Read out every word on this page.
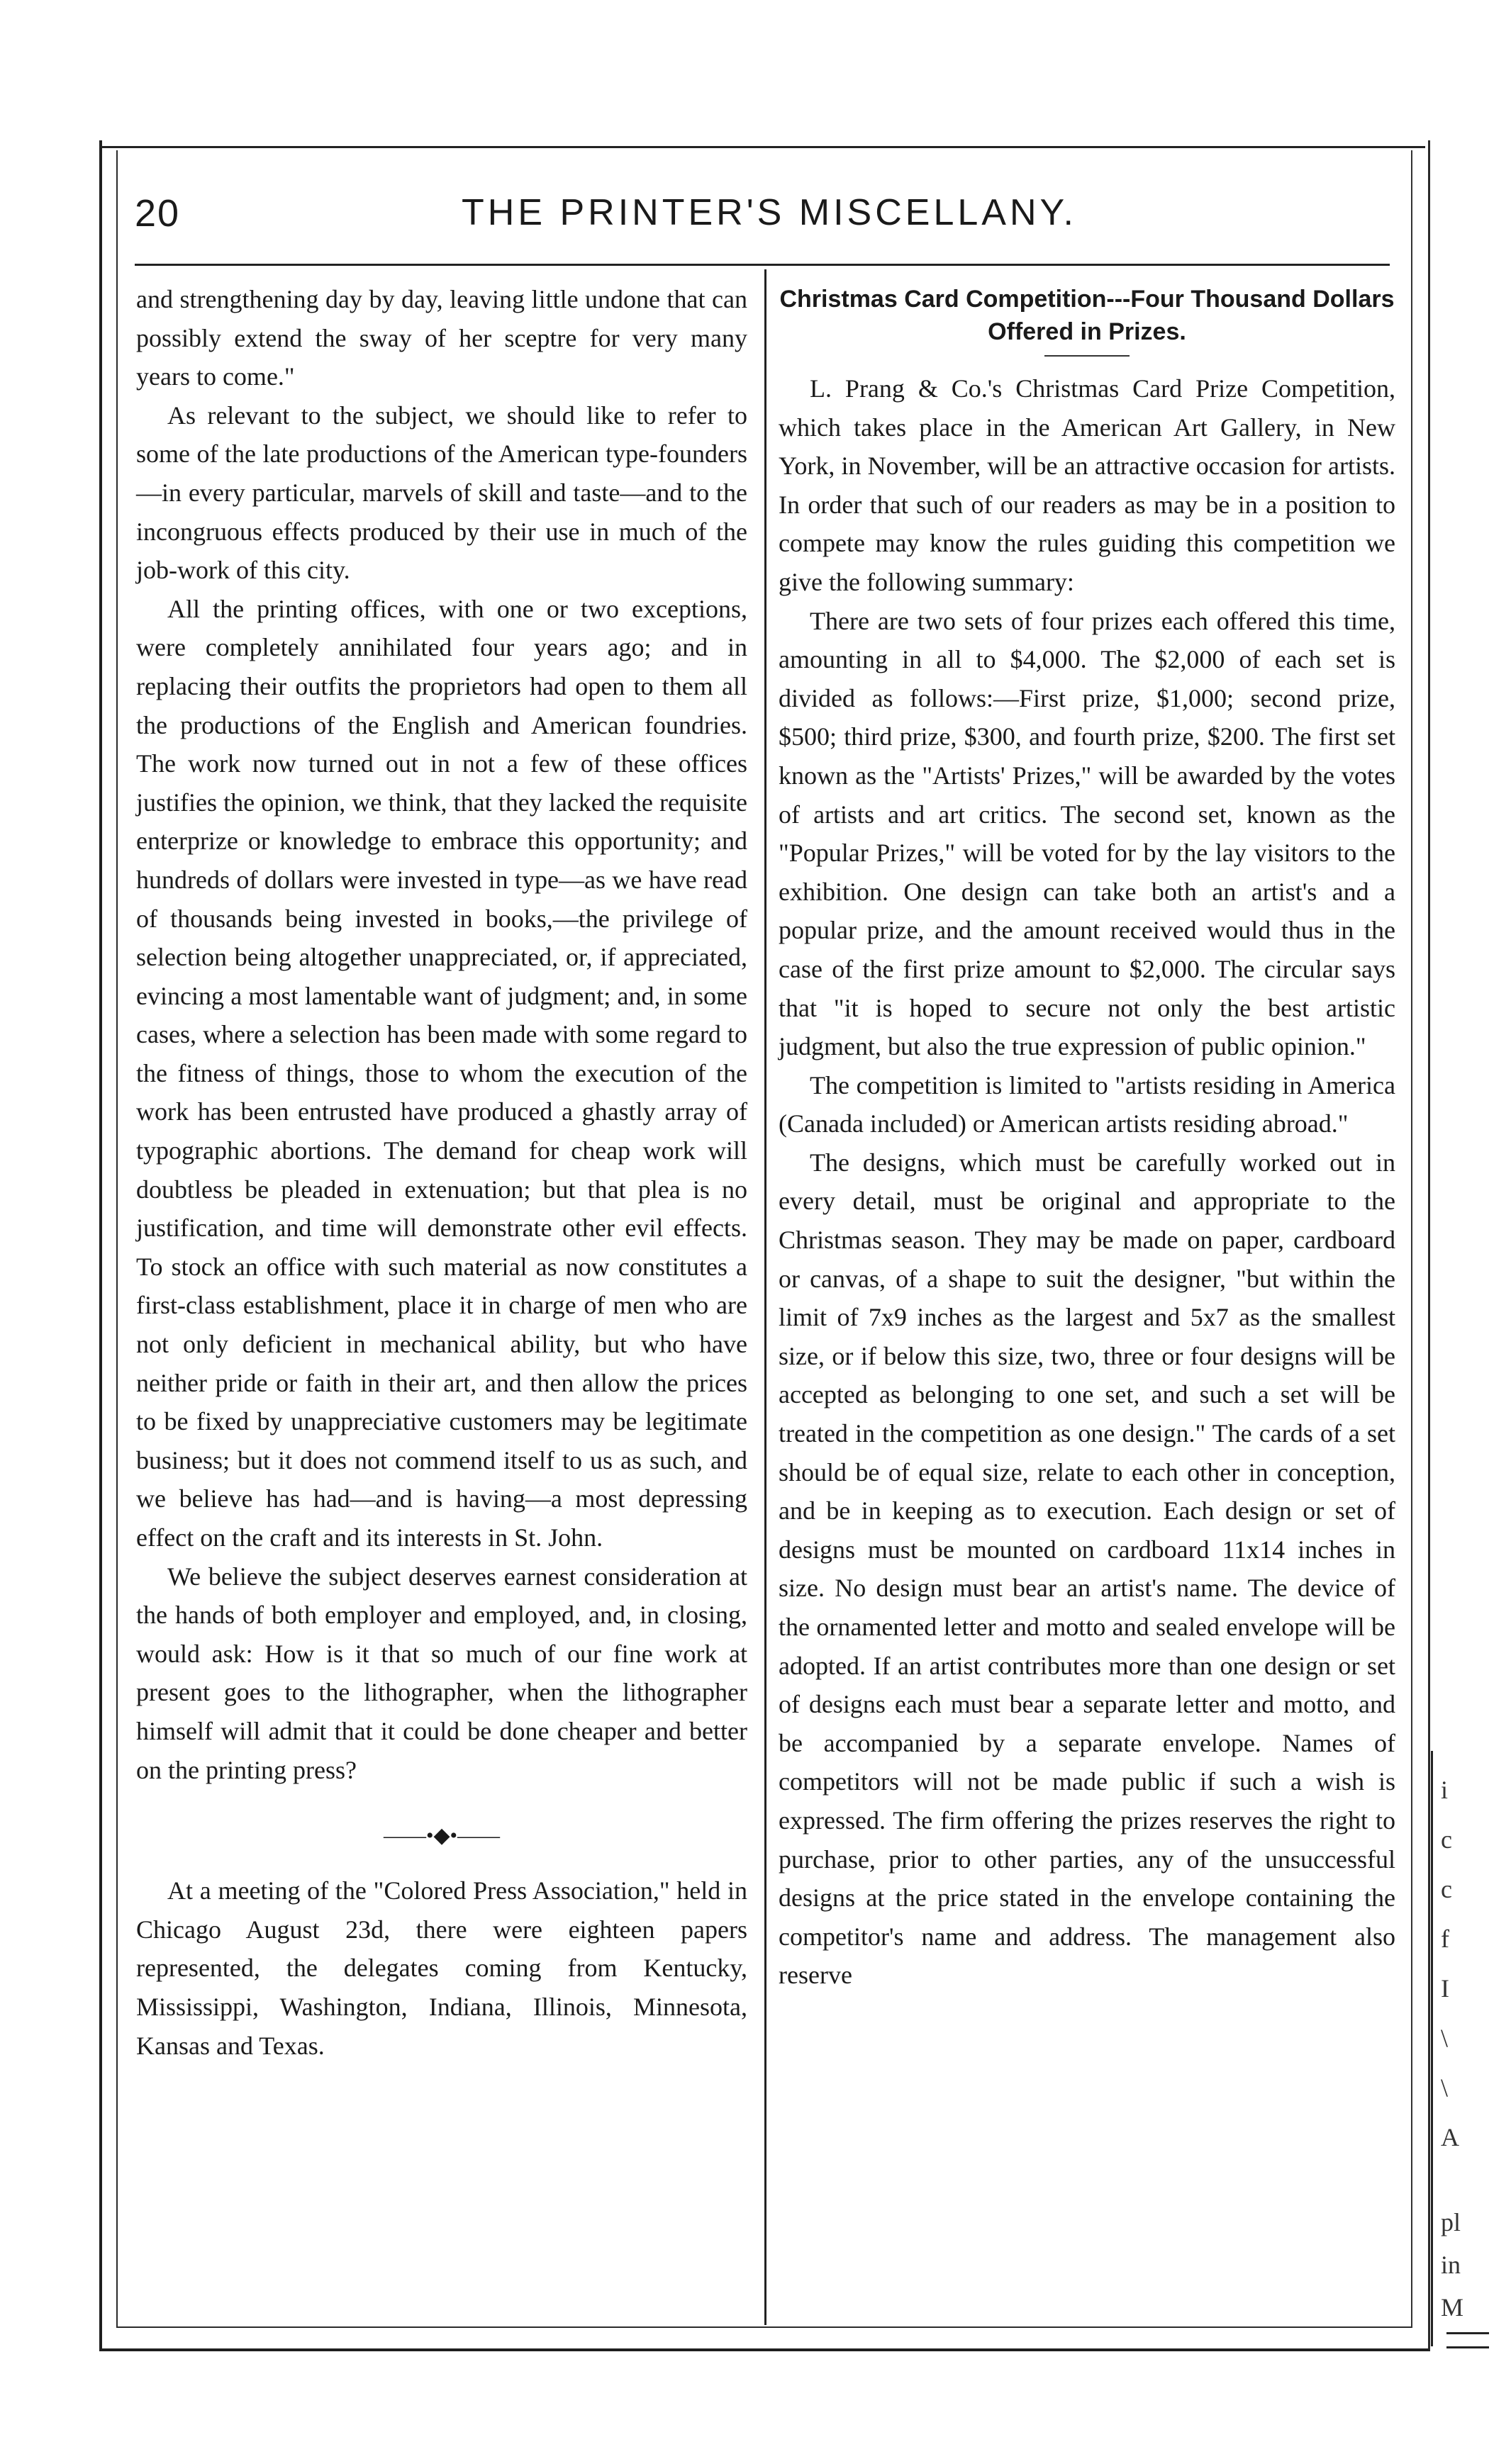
20	THE PRINTER'S MISCELLANY.

and strengthening day by day, leaving little undone that can possibly extend the sway of her sceptre for very many years to come."

As relevant to the subject, we should like to refer to some of the late productions of the American type-founders—in every particular, marvels of skill and taste—and to the incongruous effects produced by their use in much of the job-work of this city.

All the printing offices, with one or two exceptions, were completely annihilated four years ago; and in replacing their outfits the proprietors had open to them all the productions of the English and American foundries. The work now turned out in not a few of these offices justifies the opinion, we think, that they lacked the requisite enterprize or knowledge to embrace this opportunity; and hundreds of dollars were invested in type—as we have read of thousands being invested in books,—the privilege of selection being altogether unappreciated, or, if appreciated, evincing a most lamentable want of judgment; and, in some cases, where a selection has been made with some regard to the fitness of things, those to whom the execution of the work has been entrusted have produced a ghastly array of typographic abortions. The demand for cheap work will doubtless be pleaded in extenuation; but that plea is no justification, and time will demonstrate other evil effects. To stock an office with such material as now constitutes a first-class establishment, place it in charge of men who are not only deficient in mechanical ability, but who have neither pride or faith in their art, and then allow the prices to be fixed by unappreciative customers may be legitimate business; but it does not commend itself to us as such, and we believe has had—and is having—a most depressing effect on the craft and its interests in St. John.

We believe the subject deserves earnest consideration at the hands of both employer and employed, and, in closing, would ask: How is it that so much of our fine work at present goes to the lithographer, when the lithographer himself will admit that it could be done cheaper and better on the printing press?

——•◆•——

At a meeting of the "Colored Press Association," held in Chicago August 23d, there were eighteen papers represented, the delegates coming from Kentucky, Mississippi, Washington, Indiana, Illinois, Minnesota, Kansas and Texas.

Christmas Card Competition---Four Thousand Dollars Offered in Prizes.

L. Prang & Co.'s Christmas Card Prize Competition, which takes place in the American Art Gallery, in New York, in November, will be an attractive occasion for artists. In order that such of our readers as may be in a position to compete may know the rules guiding this competition we give the following summary:

There are two sets of four prizes each offered this time, amounting in all to $4,000. The $2,000 of each set is divided as follows:—First prize, $1,000; second prize, $500; third prize, $300, and fourth prize, $200. The first set known as the "Artists' Prizes," will be awarded by the votes of artists and art critics. The second set, known as the "Popular Prizes," will be voted for by the lay visitors to the exhibition. One design can take both an artist's and a popular prize, and the amount received would thus in the case of the first prize amount to $2,000. The circular says that "it is hoped to secure not only the best artistic judgment, but also the true expression of public opinion."

The competition is limited to "artists residing in America (Canada included) or American artists residing abroad."

The designs, which must be carefully worked out in every detail, must be original and appropriate to the Christmas season. They may be made on paper, cardboard or canvas, of a shape to suit the designer, "but within the limit of 7x9 inches as the largest and 5x7 as the smallest size, or if below this size, two, three or four designs will be accepted as belonging to one set, and such a set will be treated in the competition as one design." The cards of a set should be of equal size, relate to each other in conception, and be in keeping as to execution. Each design or set of designs must be mounted on cardboard 11x14 inches in size. No design must bear an artist's name. The device of the ornamented letter and motto and sealed envelope will be adopted. If an artist contributes more than one design or set of designs each must bear a separate letter and motto, and be accompanied by a separate envelope. Names of competitors will not be made public if such a wish is expressed. The firm offering the prizes reserves the right to purchase, prior to other parties, any of the unsuccessful designs at the price stated in the envelope containing the competitor's name and address. The management also reserve

i
c
c
f
I
\
\
A
pl
in
M
